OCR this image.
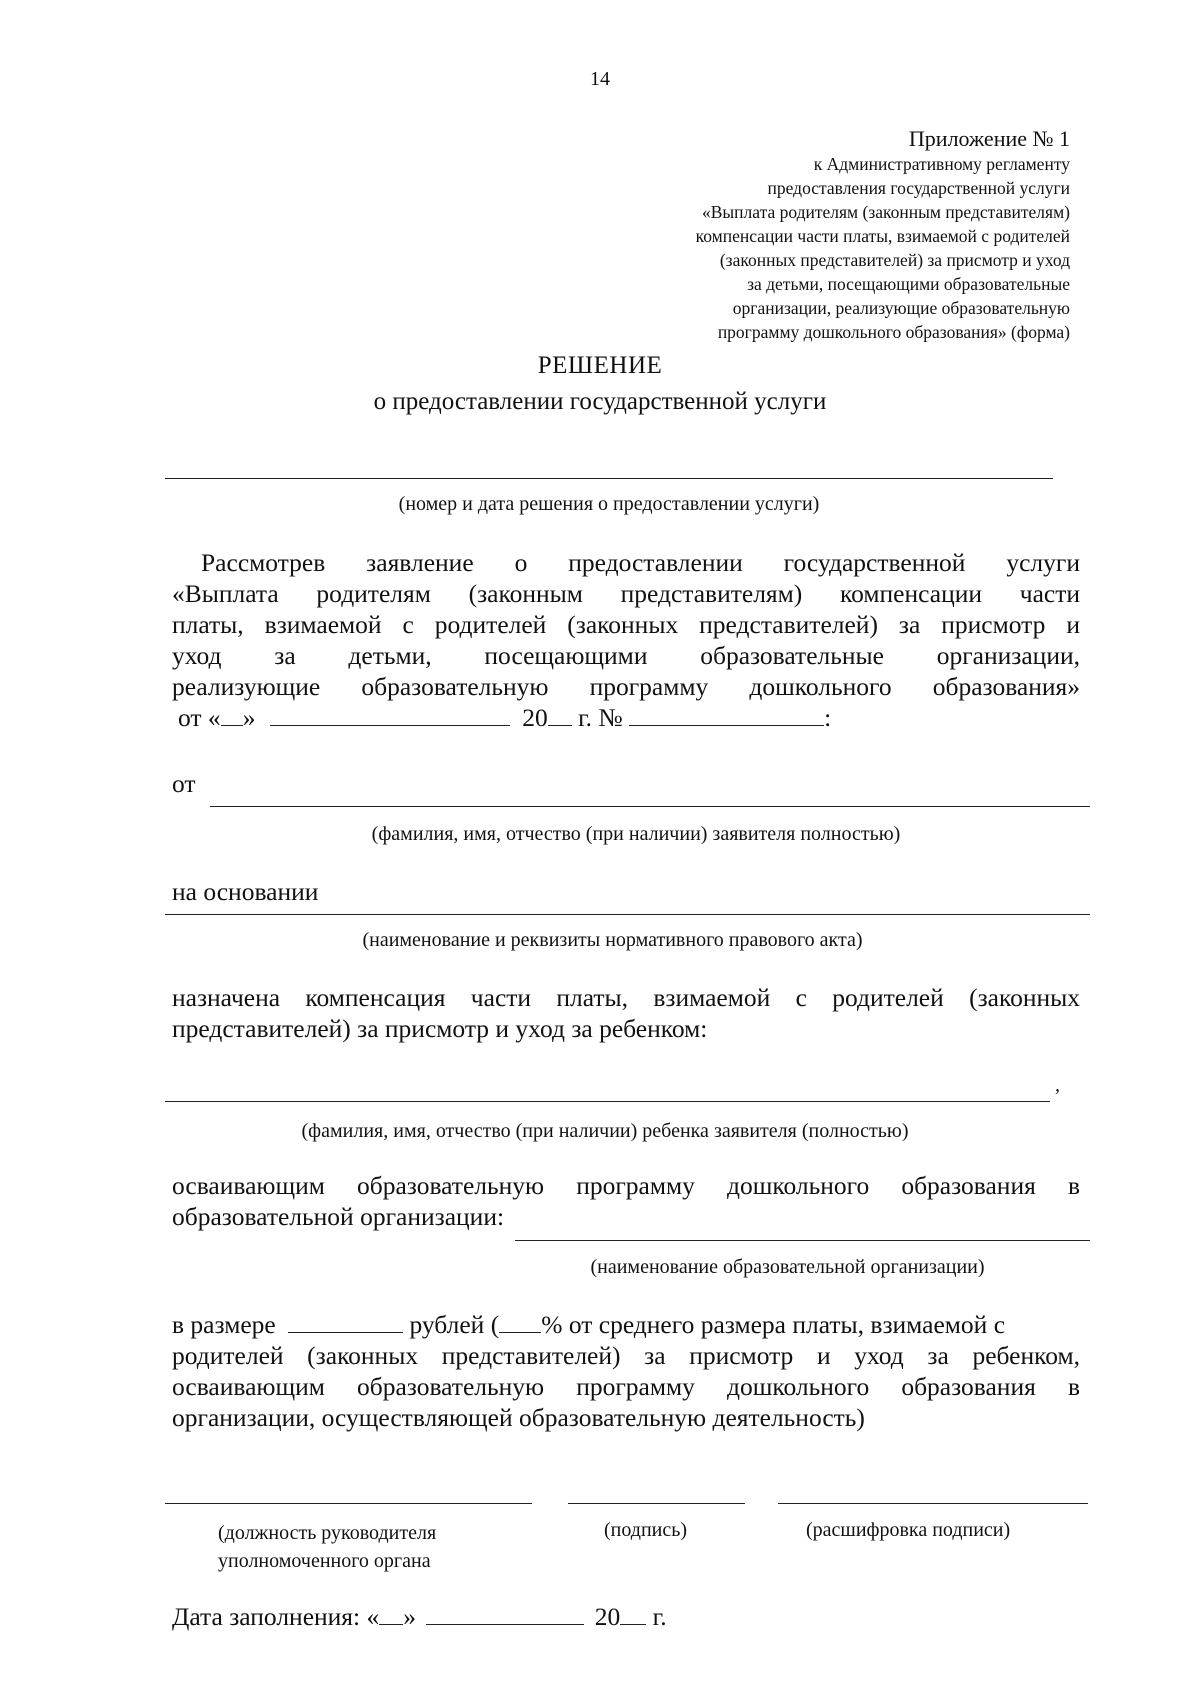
14
Приложение № 1
к Административному регламенту
предоставления государственной услуги
«Выплата родителям (законным представителям)
компенсации части платы, взимаемой с родителей
(законных представителей) за присмотр и уход
за детьми, посещающими образовательные
организации, реализующие образовательную
программу дошкольного образования» (форма)
РЕШЕНИЕ
о предоставлении государственной услуги
(номер и дата решения о предоставлении услуги)
Рассмотрев заявление о предоставлении государственной услуги
«Выплата родителям (законным представителям) компенсации части
платы, взимаемой с родителей (законных представителей) за присмотр и
уход за детьми, посещающими образовательные организации,
реализующие образовательную программу дошкольного образования»
от « »	20 г. №	:
от
(фамилия, имя, отчество (при наличии) заявителя полностью)
на основании
(наименование и реквизиты нормативного правового акта)
назначена компенсация части платы, взимаемой с родителей (законных
представителей) за присмотр и уход за ребенком:
,
(фамилия, имя, отчество (при наличии) ребенка заявителя (полностью)
осваивающим образовательную программу дошкольного образования в
образовательной организации:
(наименование образовательной организации)
в размере	рублей ( % от среднего размера платы, взимаемой с
родителей (законных представителей) за присмотр и уход за ребенком,
осваивающим образовательную программу дошкольного образования в
организации, осуществляющей образовательную деятельность)
(должность руководителя
уполномоченного органа
(подпись)	(расшифровка подписи)
Дата заполнения: « »	20 г.
